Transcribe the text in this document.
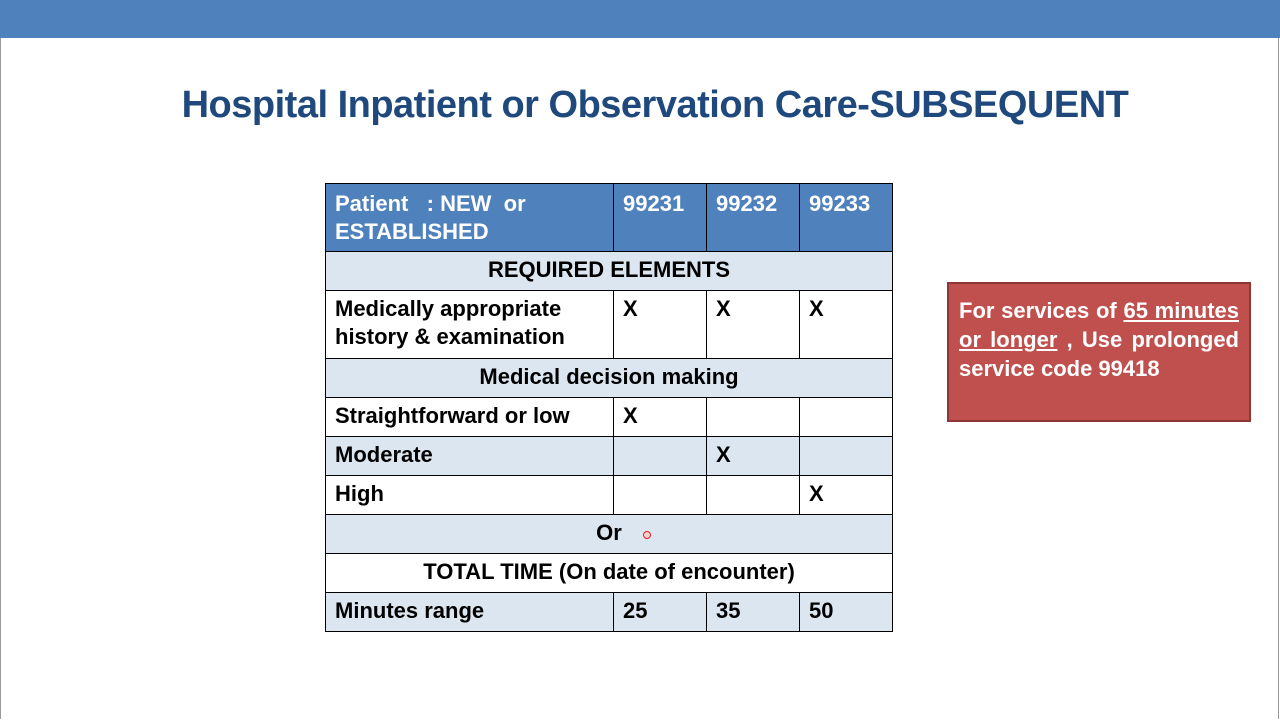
Hospital Inpatient or Observation Care-SUBSEQUENT
Patient   : NEW  or
ESTABLISHED	99231	99232	99233
REQUIRED ELEMENTS			

Medically appropriate
history & examination	X	X	X
Medical decision making			
Straightforward or low	X		
Moderate		X	
High			X
Or			
TOTAL TIME (On date of encounter)			
Minutes range	25	35	50
For services of 65 minutes or longer , Use prolonged service code 99418
